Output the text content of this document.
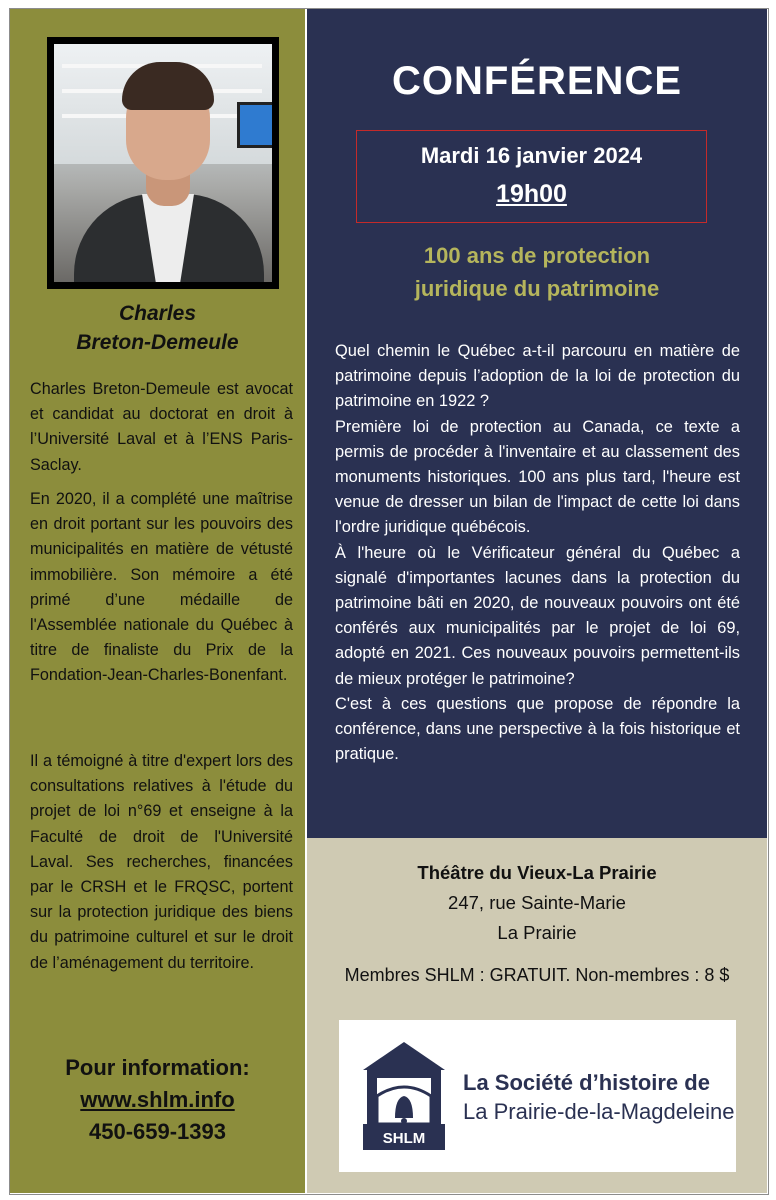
Charles
Breton-Demeule

Charles Breton-Demeule est avocat et candidat au doctorat en droit à l’Université Laval et à l’ENS Paris-Saclay.

En 2020, il a complété une maîtrise en droit portant sur les pouvoirs des municipalités en matière de vétusté immobilière. Son mémoire a été primé d’une médaille de l'Assemblée nationale du Québec à titre de finaliste du Prix de la Fondation-Jean-Charles-Bonenfant.

Il a témoigné à titre d'expert lors des consultations relatives à l'étude du projet de loi n°69 et enseigne à la Faculté de droit de l'Université Laval. Ses recherches, financées par le CRSH et le FRQSC, portent sur la protection juridique des biens du patrimoine culturel et sur le droit de l’aménagement du territoire.

Pour information:
www.shlm.info
450-659-1393
CONFÉRENCE
Mardi 16 janvier 2024
19h00
100 ans de protection
juridique du patrimoine

Quel chemin le Québec a-t-il parcouru en matière de patrimoine depuis l’adoption de la loi de protection du patrimoine en 1922 ?

Première loi de protection au Canada, ce texte a permis de procéder à l'inventaire et au classement des monuments historiques. 100 ans plus tard, l'heure est venue de dresser un bilan de l'impact de cette loi dans l'ordre juridique québécois.

À l'heure où le Vérificateur général du Québec a signalé d'importantes lacunes dans la protection du patrimoine bâti en 2020, de nouveaux pouvoirs ont été conférés aux municipalités par le projet de loi 69, adopté en 2021. Ces nouveaux pouvoirs permettent-ils de mieux protéger le patrimoine?

C'est à ces questions que propose de répondre la conférence, dans une perspective à la fois historique et pratique.

Théâtre du Vieux-La Prairie
247, rue Sainte-Marie
La Prairie
Membres SHLM : GRATUIT. Non-membres : 8 $
SHLM
La Société d’histoire de
La Prairie-de-la-Magdeleine
